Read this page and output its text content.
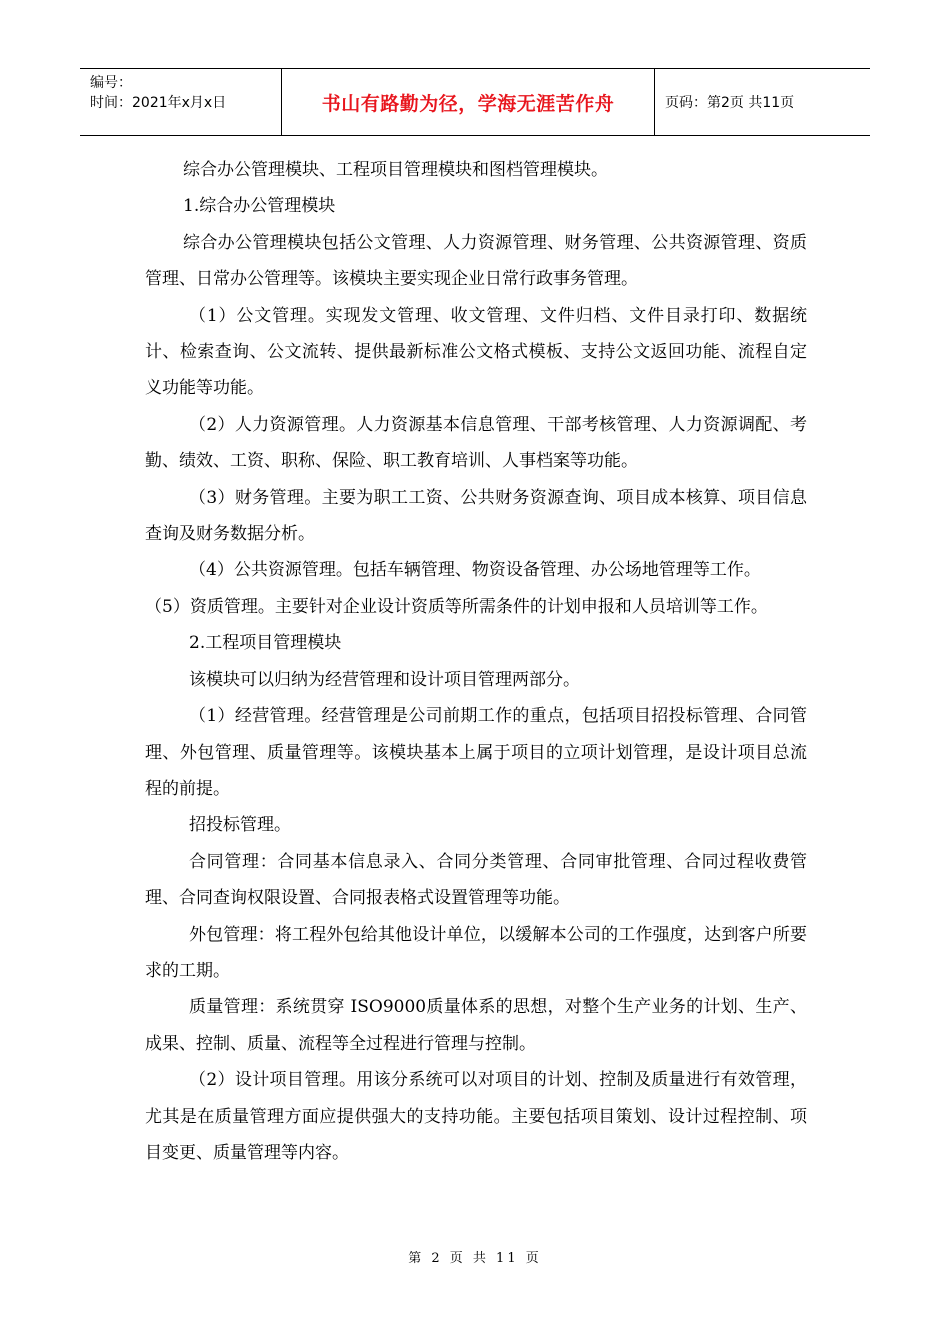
编号：
时间：2021年x月x日	书山有路勤为径，学海无涯苦作舟	页码：第2页 共11页

综合办公管理模块、工程项目管理模块和图档管理模块。

1.综合办公管理模块

综合办公管理模块包括公文管理、人力资源管理、财务管理、公共资源管理、资质管理、日常办公管理等。该模块主要实现企业日常行政事务管理。

（1）公文管理。实现发文管理、收文管理、文件归档、文件目录打印、数据统计、检索查询、公文流转、提供最新标准公文格式模板、支持公文返回功能、流程自定义功能等功能。

（2）人力资源管理。人力资源基本信息管理、干部考核管理、人力资源调配、考勤、绩效、工资、职称、保险、职工教育培训、人事档案等功能。

（3）财务管理。主要为职工工资、公共财务资源查询、项目成本核算、项目信息查询及财务数据分析。

（4）公共资源管理。包括车辆管理、物资设备管理、办公场地管理等工作。

（5）资质管理。主要针对企业设计资质等所需条件的计划申报和人员培训等工作。

2.工程项目管理模块

该模块可以归纳为经营管理和设计项目管理两部分。

（1）经营管理。经营管理是公司前期工作的重点，包括项目招投标管理、合同管理、外包管理、质量管理等。该模块基本上属于项目的立项计划管理，是设计项目总流程的前提。

招投标管理。

合同管理：合同基本信息录入、合同分类管理、合同审批管理、合同过程收费管理、合同查询权限设置、合同报表格式设置管理等功能。

外包管理：将工程外包给其他设计单位，以缓解本公司的工作强度，达到客户所要求的工期。

质量管理：系统贯穿 ISO9000质量体系的思想，对整个生产业务的计划、生产、成果、控制、质量、流程等全过程进行管理与控制。

（2）设计项目管理。用该分系统可以对项目的计划、控制及质量进行有效管理，尤其是在质量管理方面应提供强大的支持功能。主要包括项目策划、设计过程控制、项目变更、质量管理等内容。

第 2 页 共 11 页
